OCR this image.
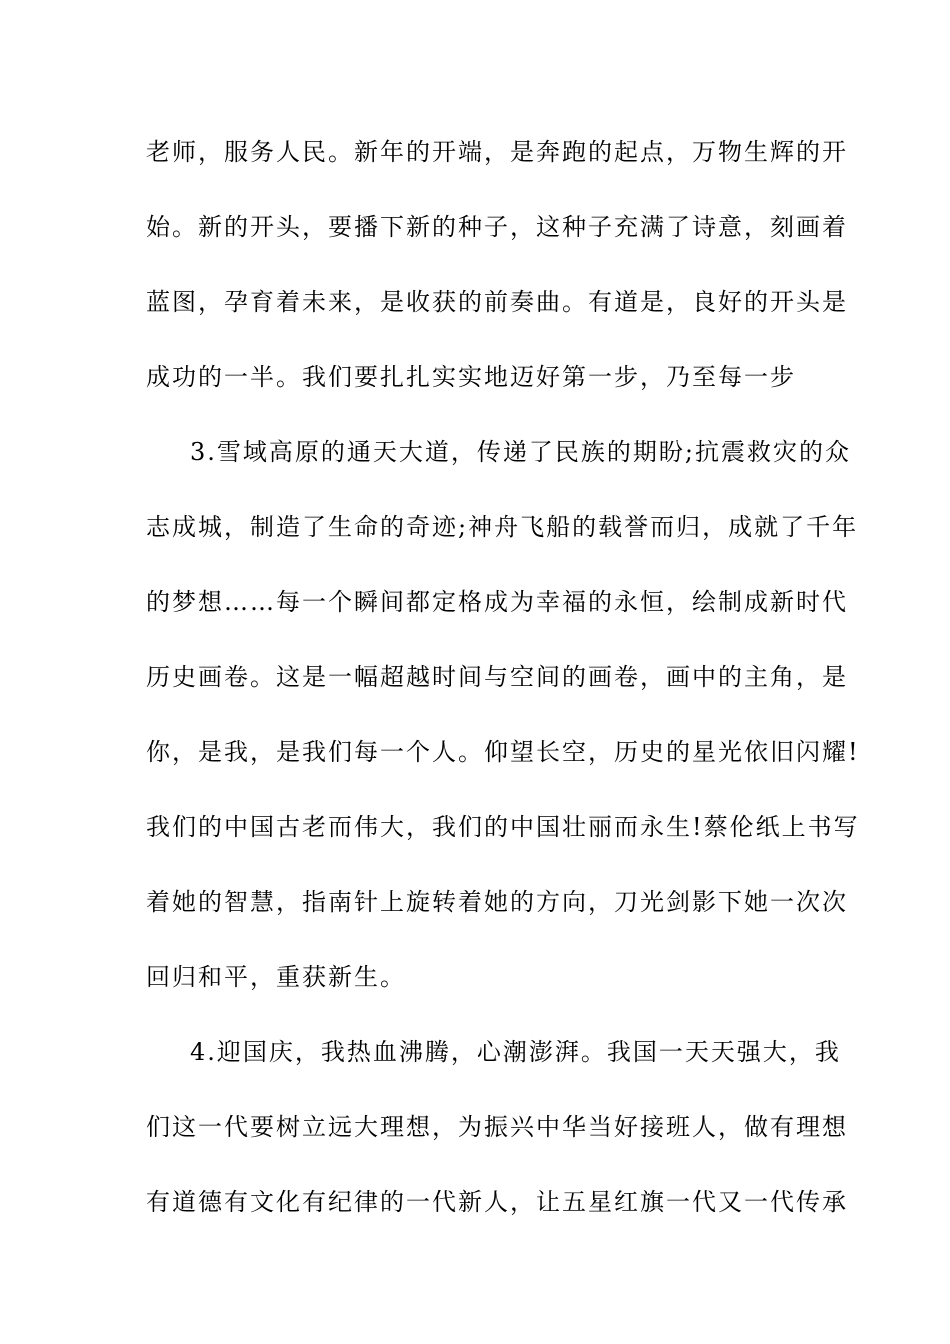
老师，服务人民。新年的开端，是奔跑的起点，万物生辉的开

始。新的开头，要播下新的种子，这种子充满了诗意，刻画着

蓝图，孕育着未来，是收获的前奏曲。有道是，良好的开头是

成功的一半。我们要扎扎实实地迈好第一步，乃至每一步

3.雪域高原的通天大道，传递了民族的期盼;抗震救灾的众

志成城，制造了生命的奇迹;神舟飞船的载誉而归，成就了千年

的梦想……每一个瞬间都定格成为幸福的永恒，绘制成新时代

历史画卷。这是一幅超越时间与空间的画卷，画中的主角，是

你，是我，是我们每一个人。仰望长空，历史的星光依旧闪耀!

我们的中国古老而伟大，我们的中国壮丽而永生!蔡伦纸上书写

着她的智慧，指南针上旋转着她的方向，刀光剑影下她一次次

回归和平，重获新生。

4.迎国庆，我热血沸腾，心潮澎湃。我国一天天强大，我

们这一代要树立远大理想，为振兴中华当好接班人，做有理想

有道德有文化有纪律的一代新人，让五星红旗一代又一代传承
